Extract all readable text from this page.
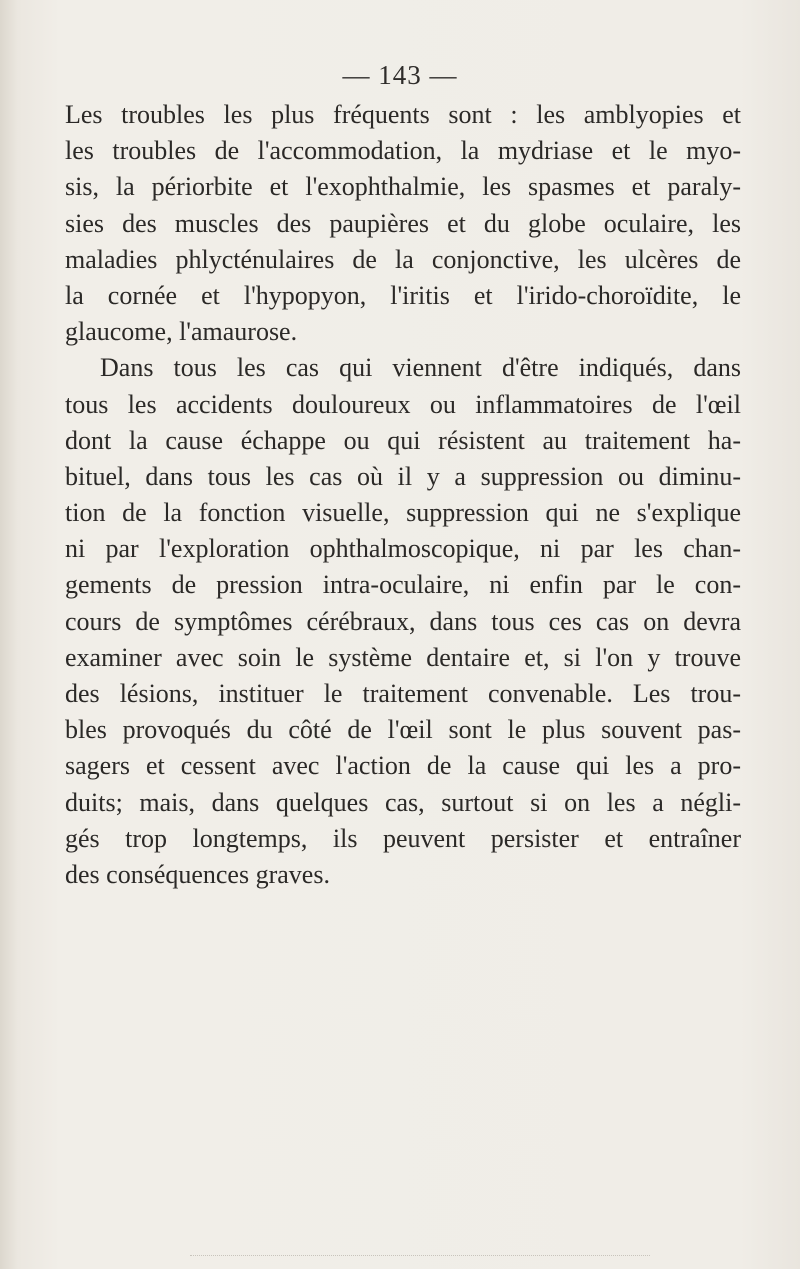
— 143 —
Les troubles les plus fréquents sont : les amblyopies et
les troubles de l'accommodation, la mydriase et le myo-
sis, la périorbite et l'exophthalmie, les spasmes et paraly-
sies des muscles des paupières et du globe oculaire, les
maladies phlycténulaires de la conjonctive, les ulcères de
la cornée et l'hypopyon, l'iritis et l'irido-choroïdite, le
glaucome, l'amaurose.
Dans tous les cas qui viennent d'être indiqués, dans
tous les accidents douloureux ou inflammatoires de l'œil
dont la cause échappe ou qui résistent au traitement ha-
bituel, dans tous les cas où il y a suppression ou diminu-
tion de la fonction visuelle, suppression qui ne s'explique
ni par l'exploration ophthalmoscopique, ni par les chan-
gements de pression intra-oculaire, ni enfin par le con-
cours de symptômes cérébraux, dans tous ces cas on devra
examiner avec soin le système dentaire et, si l'on y trouve
des lésions, instituer le traitement convenable. Les trou-
bles provoqués du côté de l'œil sont le plus souvent pas-
sagers et cessent avec l'action de la cause qui les a pro-
duits; mais, dans quelques cas, surtout si on les a négli-
gés trop longtemps, ils peuvent persister et entraîner
des conséquences graves.
